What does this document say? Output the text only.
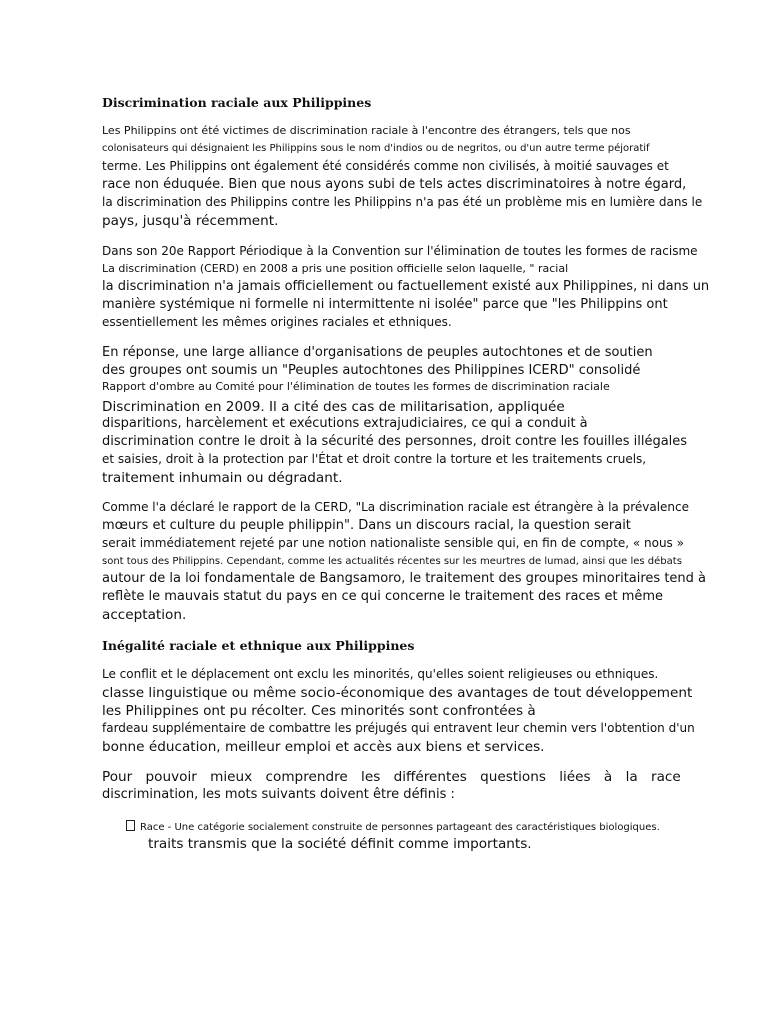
Discrimination raciale aux Philippines
Les Philippins ont été victimes de discrimination raciale à l'encontre des étrangers, tels que nos
colonisateurs qui désignaient les Philippins sous le nom d'indios ou de negritos, ou d'un autre terme péjoratif
terme. Les Philippins ont également été considérés comme non civilisés, à moitié sauvages et
race non éduquée. Bien que nous ayons subi de tels actes discriminatoires à notre égard,
la discrimination des Philippins contre les Philippins n'a pas été un problème mis en lumière dans le
pays, jusqu'à récemment.
Dans son 20e Rapport Périodique à la Convention sur l'élimination de toutes les formes de racisme
La discrimination (CERD) en 2008 a pris une position officielle selon laquelle, " racial
la discrimination n'a jamais officiellement ou factuellement existé aux Philippines, ni dans un
manière systémique ni formelle ni intermittente ni isolée" parce que "les Philippins ont
essentiellement les mêmes origines raciales et ethniques.
En réponse, une large alliance d'organisations de peuples autochtones et de soutien
des groupes ont soumis un "Peuples autochtones des Philippines ICERD" consolidé
Rapport d'ombre au Comité pour l'élimination de toutes les formes de discrimination raciale
Discrimination en 2009. Il a cité des cas de militarisation, appliquée
disparitions, harcèlement et exécutions extrajudiciaires, ce qui a conduit à
discrimination contre le droit à la sécurité des personnes, droit contre les fouilles illégales
et saisies, droit à la protection par l'État et droit contre la torture et les traitements cruels,
traitement inhumain ou dégradant.
Comme l'a déclaré le rapport de la CERD, "La discrimination raciale est étrangère à la prévalence
mœurs et culture du peuple philippin". Dans un discours racial, la question serait
serait immédiatement rejeté par une notion nationaliste sensible qui, en fin de compte, « nous »
sont tous des Philippins. Cependant, comme les actualités récentes sur les meurtres de lumad, ainsi que les débats
autour de la loi fondamentale de Bangsamoro, le traitement des groupes minoritaires tend à
reflète le mauvais statut du pays en ce qui concerne le traitement des races et même
acceptation.
Inégalité raciale et ethnique aux Philippines
Le conflit et le déplacement ont exclu les minorités, qu'elles soient religieuses ou ethniques.
classe linguistique ou même socio-économique des avantages de tout développement
les Philippines ont pu récolter. Ces minorités sont confrontées à
fardeau supplémentaire de combattre les préjugés qui entravent leur chemin vers l'obtention d'un
bonne éducation, meilleur emploi et accès aux biens et services.
Pour pouvoir mieux comprendre les différentes questions liées à la race
discrimination, les mots suivants doivent être définis :
Race - Une catégorie socialement construite de personnes partageant des caractéristiques biologiques.
traits transmis que la société définit comme importants.
